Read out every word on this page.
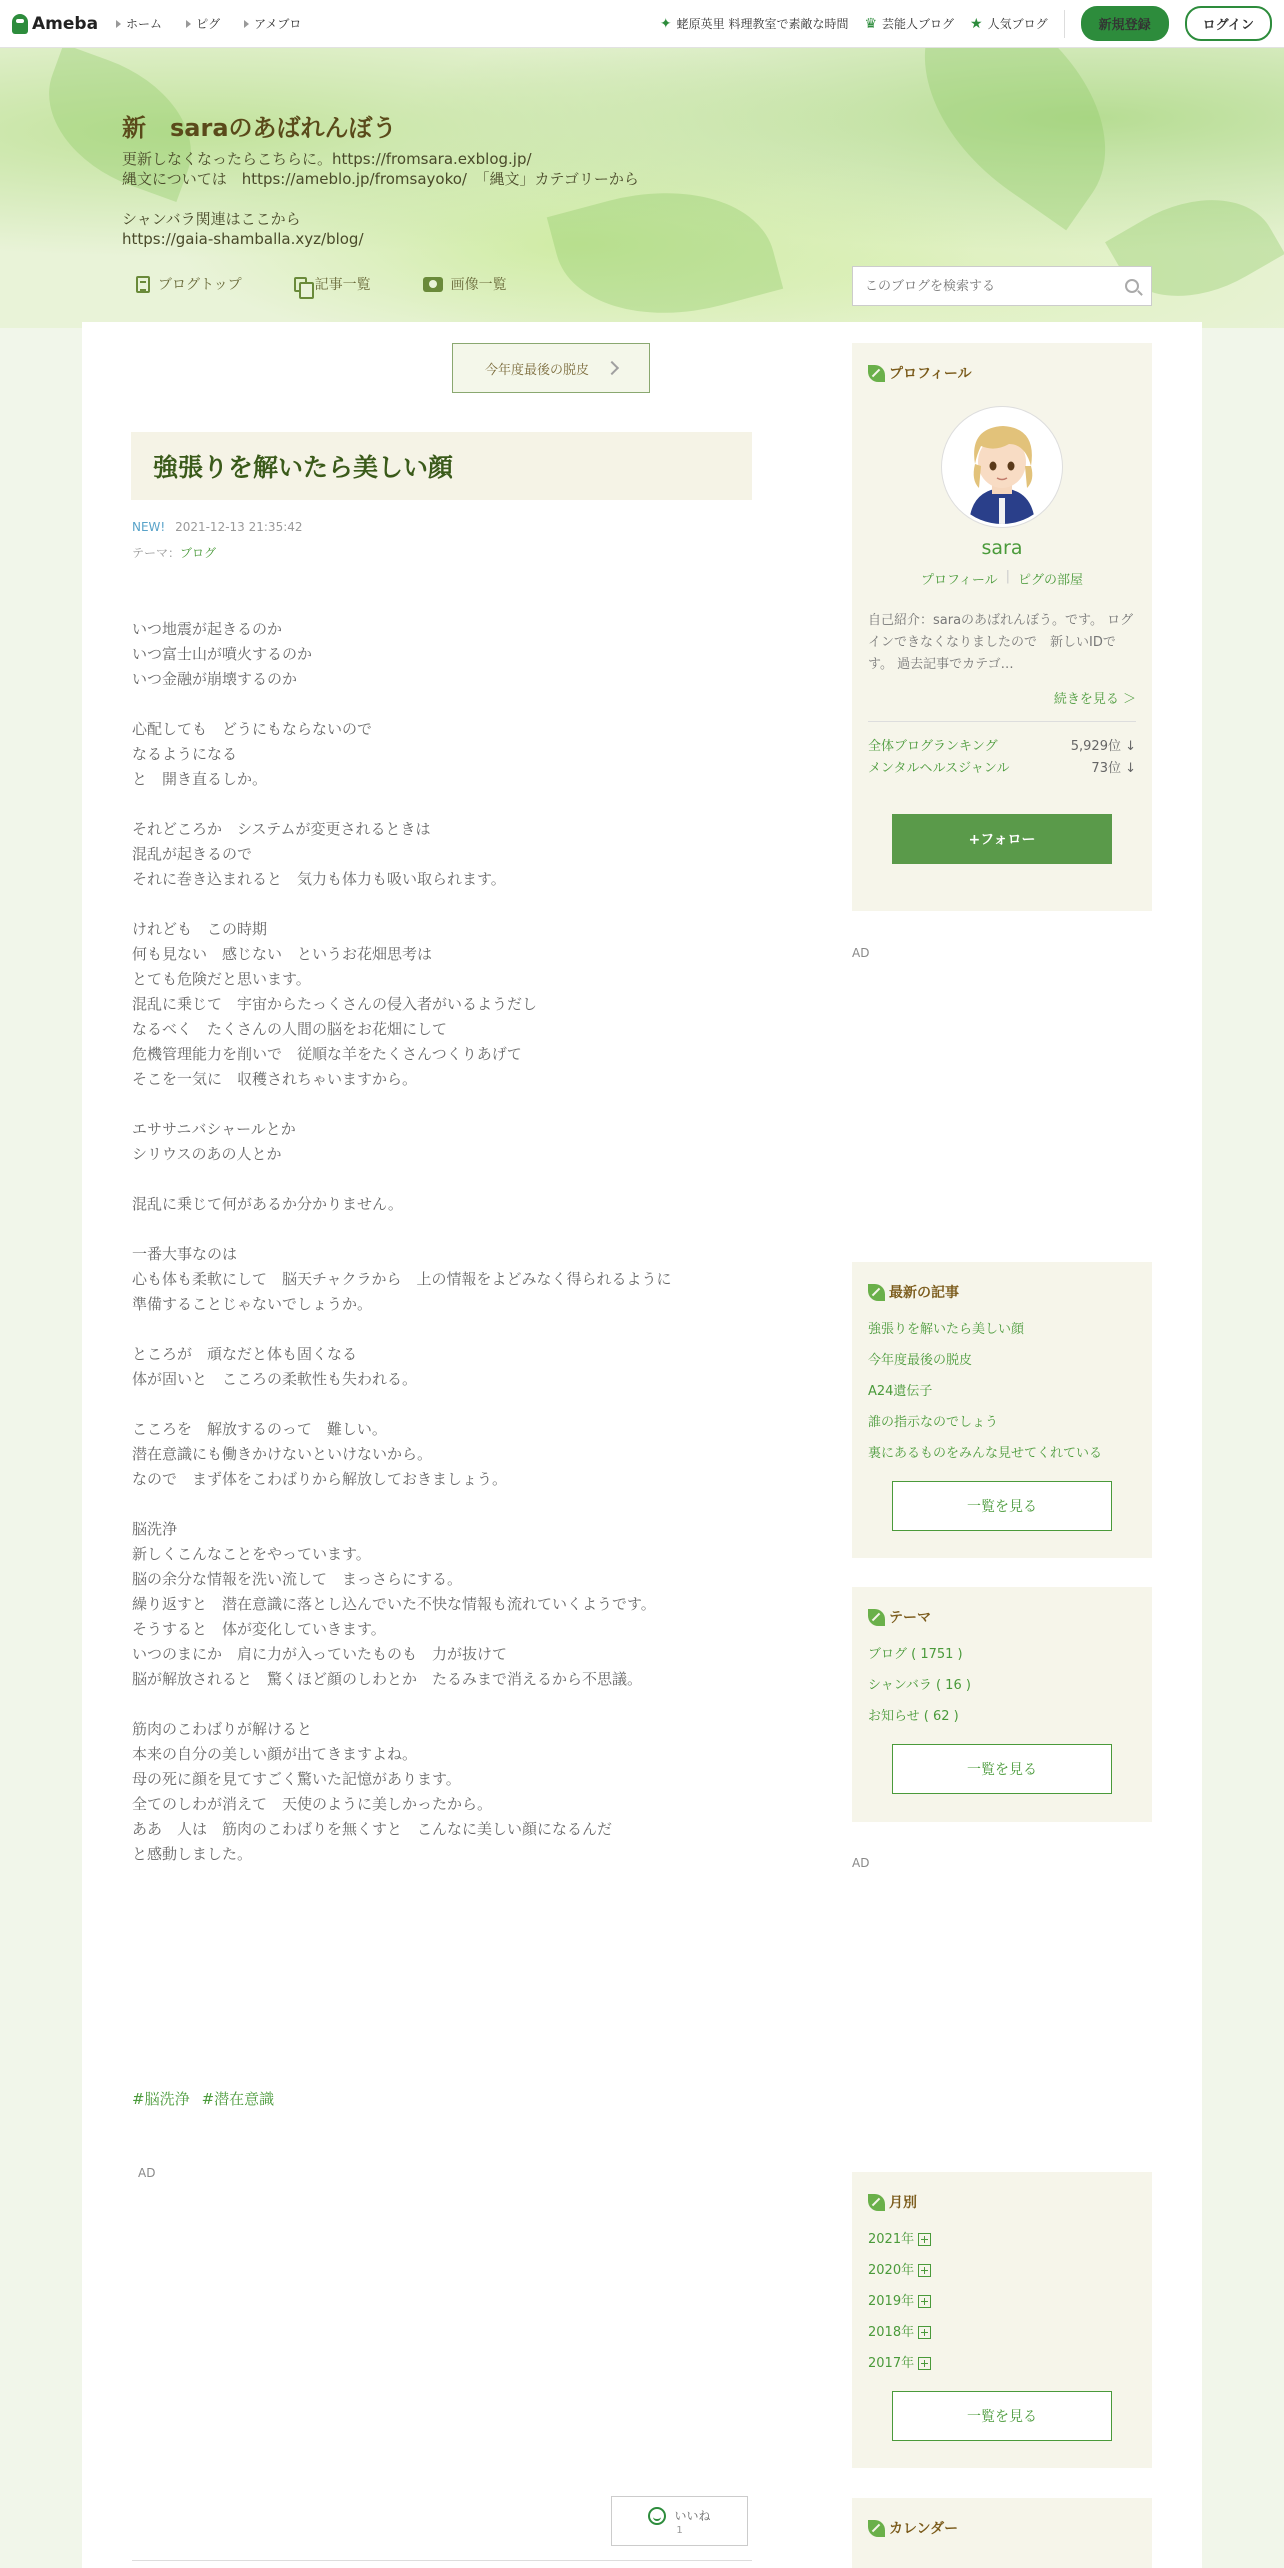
Ameba ホーム	ピグ	アメブロ	✦ 蛯原英里 料理教室で素敵な時間 ♛ 芸能人ブログ ★ 人気ブログ	新規登録	ログイン
新　saraのあばれんぼう
更新しなくなったらこちらに。https://fromsara.exblog.jp/
縄文については　https://ameblo.jp/fromsayoko/　「縄文」カテゴリーから

シャンバラ関連はここから
https://gaia-shamballa.xyz/blog/
ブログトップ	記事一覧	画像一覧
このブログを検索する
今年度最後の脱皮
強張りを解いたら美しい顔
NEW! 2021-12-13 21:35:42
テーマ：ブログ
いつ地震が起きるのか
いつ富士山が噴火するのか
いつ金融が崩壊するのか

心配しても　どうにもならないので
なるようになる
と　開き直るしか。

それどころか　システムが変更されるときは
混乱が起きるので
それに巻き込まれると　気力も体力も吸い取られます。

けれども　この時期
何も見ない　感じない　というお花畑思考は
とても危険だと思います。
混乱に乗じて　宇宙からたっくさんの侵入者がいるようだし
なるべく　たくさんの人間の脳をお花畑にして
危機管理能力を削いで　従順な羊をたくさんつくりあげて
そこを一気に　収穫されちゃいますから。

エササニバシャールとか
シリウスのあの人とか

混乱に乗じて何があるか分かりません。

一番大事なのは
心も体も柔軟にして　脳天チャクラから　上の情報をよどみなく得られるように
準備することじゃないでしょうか。

ところが　頑なだと体も固くなる
体が固いと　こころの柔軟性も失われる。

こころを　解放するのって　難しい。
潜在意識にも働きかけないといけないから。
なので　まず体をこわばりから解放しておきましょう。

脳洗浄
新しくこんなことをやっています。
脳の余分な情報を洗い流して　まっさらにする。
繰り返すと　潜在意識に落とし込んでいた不快な情報も流れていくようです。
そうすると　体が変化していきます。
いつのまにか　肩に力が入っていたものも　力が抜けて
脳が解放されると　驚くほど顔のしわとか　たるみまで消えるから不思議。

筋肉のこわばりが解けると
本来の自分の美しい顔が出てきますよね。
母の死に顔を見てすごく驚いた記憶があります。
全てのしわが消えて　天使のように美しかったから。
ああ　人は　筋肉のこわばりを無くすと　こんなに美しい顔になるんだ
と感動しました。
#脳洗浄 #潜在意識
AD
いいね
1
プロフィール
sara
プロフィール | ピグの部屋
自己紹介：saraのあばれんぼう。です。 ログインできなくなりましたので　新しいIDです。 過去記事でカテゴ…
続きを見る ＞
全体ブログランキング	5,929位 ↓
メンタルヘルスジャンル	73位 ↓
+フォロー
AD
最新の記事
強張りを解いたら美しい顔
今年度最後の脱皮
A24遺伝子
誰の指示なのでしょう
裏にあるものをみんな見せてくれている
一覧を見る
テーマ
ブログ ( 1751 )
シャンバラ ( 16 )
お知らせ ( 62 )
一覧を見る
AD
月別
2021年
2020年
2019年
2018年
2017年
一覧を見る
カレンダー
